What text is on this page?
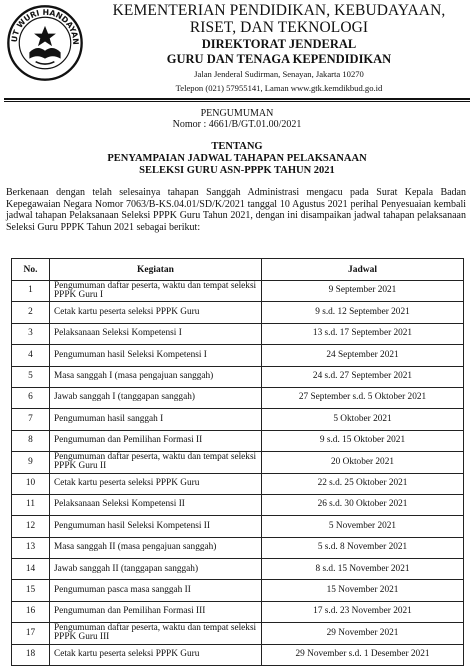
UT WURI HANDAYAN
KEMENTERIAN PENDIDIKAN, KEBUDAYAAN,
RISET, DAN TEKNOLOGI
DIREKTORAT JENDERAL
GURU DAN TENAGA KEPENDIDIKAN
Jalan Jenderal Sudirman, Senayan, Jakarta 10270
Telepon (021) 57955141, Laman www.gtk.kemdikbud.go.id
PENGUMUMAN
Nomor : 4661/B/GT.01.00/2021
TENTANG
PENYAMPAIAN JADWAL TAHAPAN PELAKSANAAN
SELEKSI GURU ASN-PPPK TAHUN 2021
Berkenaan dengan telah selesainya tahapan Sanggah Administrasi mengacu pada Surat Kepala Badan Kepegawaian Negara Nomor 7063/B-KS.04.01/SD/K/2021 tanggal 10 Agustus 2021 perihal Penyesuaian kembali jadwal tahapan Pelaksanaan Seleksi PPPK Guru Tahun 2021, dengan ini disampaikan jadwal tahapan pelaksanaan Seleksi Guru PPPK Tahun 2021 sebagai berikut:
No.	Kegiatan	Jadwal
1	Pengumuman daftar peserta, waktu dan tempat seleksi PPPK Guru I	9 September 2021
2	Cetak kartu peserta seleksi PPPK Guru	9 s.d. 12 September 2021
3	Pelaksanaan Seleksi Kompetensi I	13 s.d. 17 September 2021
4	Pengumuman hasil Seleksi Kompetensi I	24 September 2021
5	Masa sanggah I (masa pengajuan sanggah)	24 s.d. 27 September 2021
6	Jawab sanggah I (tanggapan sanggah)	27 September s.d. 5 Oktober 2021
7	Pengumuman hasil sanggah I	5 Oktober 2021
8	Pengumuman dan Pemilihan Formasi II	9 s.d. 15 Oktober 2021
9	Pengumuman daftar peserta, waktu dan tempat seleksi PPPK Guru II	20 Oktober 2021
10	Cetak kartu peserta seleksi PPPK Guru	22 s.d. 25 Oktober 2021
11	Pelaksanaan Seleksi Kompetensi II	26 s.d. 30 Oktober 2021
12	Pengumuman hasil Seleksi Kompetensi II	5 November 2021
13	Masa sanggah II (masa pengajuan sanggah)	5 s.d. 8 November 2021
14	Jawab sanggah II (tanggapan sanggah)	8 s.d. 15 November 2021
15	Pengumuman pasca masa sanggah II	15 November 2021
16	Pengumuman dan Pemilihan Formasi III	17 s.d. 23 November 2021
17	Pengumuman daftar peserta, waktu dan tempat seleksi PPPK Guru III	29 November 2021
18	Cetak kartu peserta seleksi PPPK Guru	29 November s.d. 1 Desember 2021
